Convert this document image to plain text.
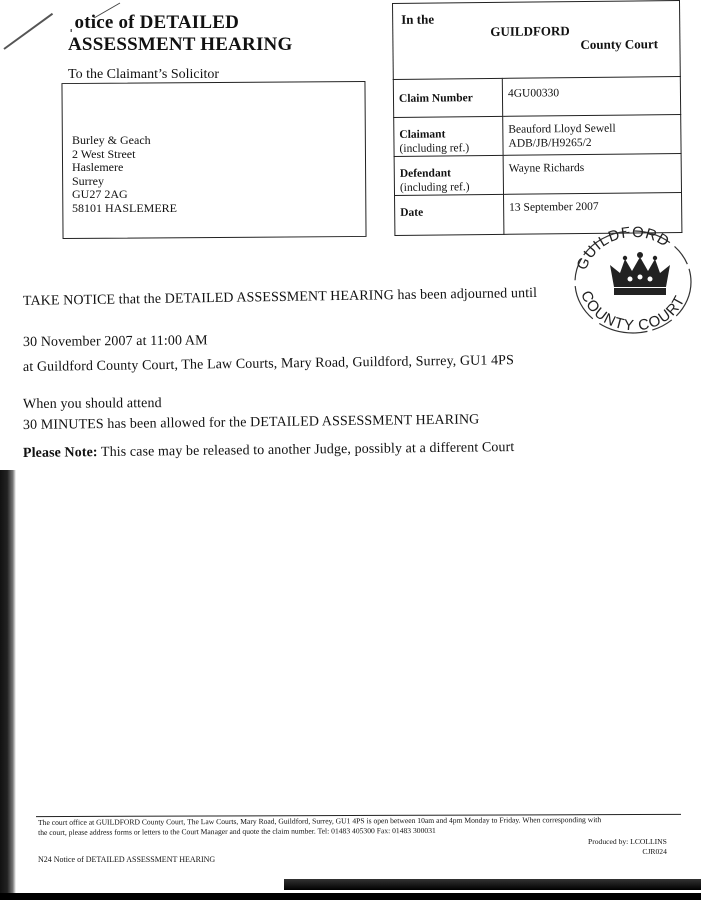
ˌotice of DETAILED
ASSESSMENT HEARING
To the Claimant’s Solicitor
Burley & Geach
2 West Street
Haslemere
Surrey
GU27 2AG
58101 HASLEMERE
In the
GUILDFORD
County Court
Claim Number	4GU00330

Claimant
(including ref.)	Beauford Lloyd Sewell
ADB/JB/H9265/2

Defendant
(including ref.)	Wayne Richards

Date	13 September 2007
GUILDFORD
COUNTY COURT
TAKE NOTICE that the DETAILED ASSESSMENT HEARING has been adjourned until
30 November 2007 at 11:00 AM
at Guildford County Court, The Law Courts, Mary Road, Guildford, Surrey, GU1 4PS
When you should attend
30 MINUTES has been allowed for the DETAILED ASSESSMENT HEARING
Please Note: This case may be released to another Judge, possibly at a different Court
The court office at GUILDFORD County Court, The Law Courts, Mary Road, Guildford, Surrey, GU1 4PS is open between 10am and 4pm Monday to Friday. When corresponding with
the court, please address forms or letters to the Court Manager and quote the claim number. Tel: 01483 405300 Fax: 01483 300031
Produced by: LCOLLINS
CJR024
N24 Notice of DETAILED ASSESSMENT HEARING
